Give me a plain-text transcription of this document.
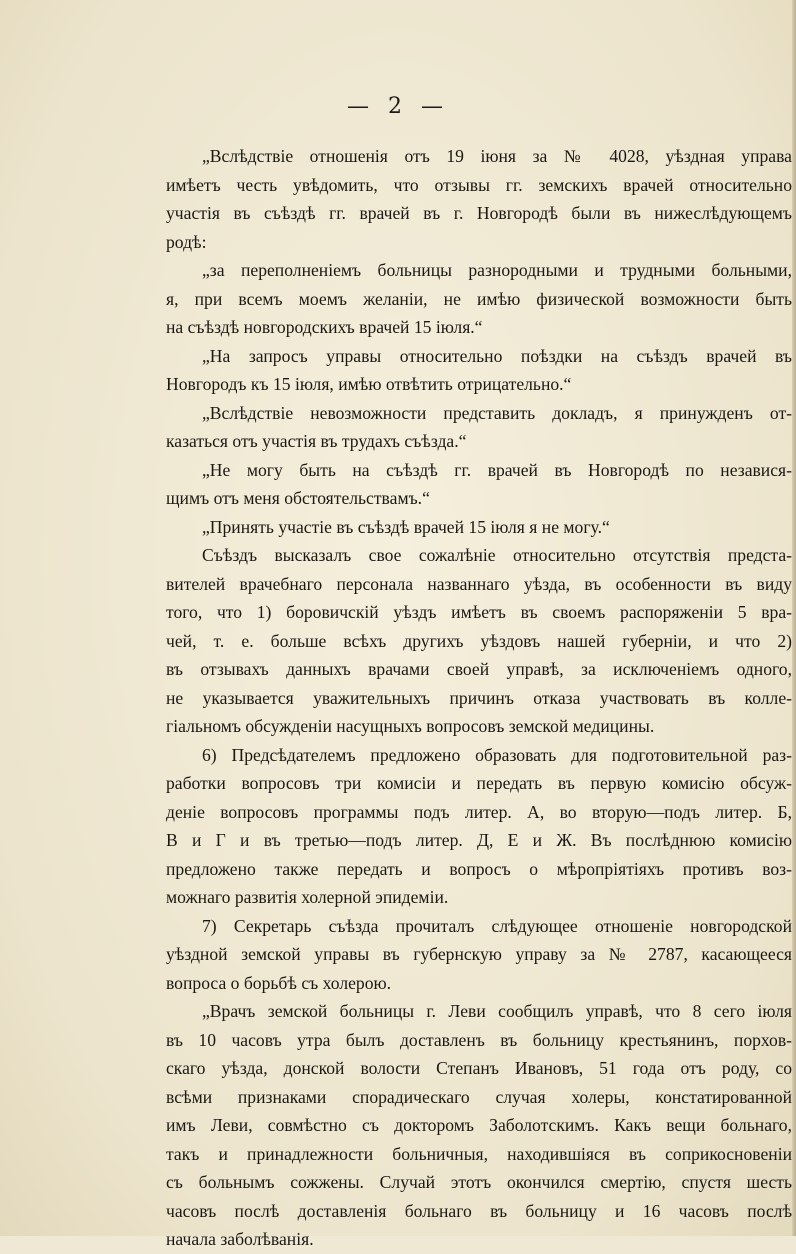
— 2 —
„Вслѣдствіе отношенія отъ 19 іюня за № 4028, уѣздная управа
имѣетъ честь увѣдомить, что отзывы гг. земскихъ врачей относительно
участія въ съѣздѣ гг. врачей въ г. Новгородѣ были въ нижеслѣдующемъ
родѣ:
„за переполненіемъ больницы разнородными и трудными больными,
я, при всемъ моемъ желаніи, не имѣю физической возможности быть
на съѣздѣ новгородскихъ врачей 15 іюля.“
„На запросъ управы относительно поѣздки на съѣздъ врачей въ
Новгородъ къ 15 іюля, имѣю отвѣтить отрицательно.“
„Вслѣдствіе невозможности представить докладъ, я принужденъ от-
казаться отъ участія въ трудахъ съѣзда.“
„Не могу быть на съѣздѣ гг. врачей въ Новгородѣ по независя-
щимъ отъ меня обстоятельствамъ.“
„Принять участіе въ съѣздѣ врачей 15 іюля я не могу.“
Съѣздъ высказалъ свое сожалѣніе относительно отсутствія предста-
вителей врачебнаго персонала названнаго уѣзда, въ особенности въ виду
того, что 1) боровичскій уѣздъ имѣетъ въ своемъ распоряженіи 5 вра-
чей, т. е. больше всѣхъ другихъ уѣздовъ нашей губерніи, и что 2)
въ отзывахъ данныхъ врачами своей управѣ, за исключеніемъ одного,
не указывается уважительныхъ причинъ отказа участвовать въ колле-
гіальномъ обсужденіи насущныхъ вопросовъ земской медицины.
6) Предсѣдателемъ предложено образовать для подготовительной раз-
работки вопросовъ три комисіи и передать въ первую комисію обсуж-
деніе вопросовъ программы подъ литер. А, во вторую—подъ литер. Б,
В и Г и въ третью—подъ литер. Д, Е и Ж. Въ послѣднюю комисію
предложено также передать и вопросъ о мѣропріятіяхъ противъ воз-
можнаго развитія холерной эпидеміи.
7) Секретарь съѣзда прочиталъ слѣдующее отношеніе новгородской
уѣздной земской управы въ губернскую управу за № 2787, касающееся
вопроса о борьбѣ съ холерою.
„Врачъ земской больницы г. Леви сообщилъ управѣ, что 8 сего іюля
въ 10 часовъ утра былъ доставленъ въ больницу крестьянинъ, порхов-
скаго уѣзда, донской волости Степанъ Ивановъ, 51 года отъ роду, со
всѣми признаками спорадическаго случая холеры, констатированной
имъ Леви, совмѣстно съ докторомъ Заболотскимъ. Какъ вещи больнаго,
такъ и принадлежности больничныя, находившіяся въ соприкосновеніи
съ больнымъ сожжены. Случай этотъ окончился смертію, спустя шесть
часовъ послѣ доставленія больнаго въ больницу и 16 часовъ послѣ
начала заболѣванія.
